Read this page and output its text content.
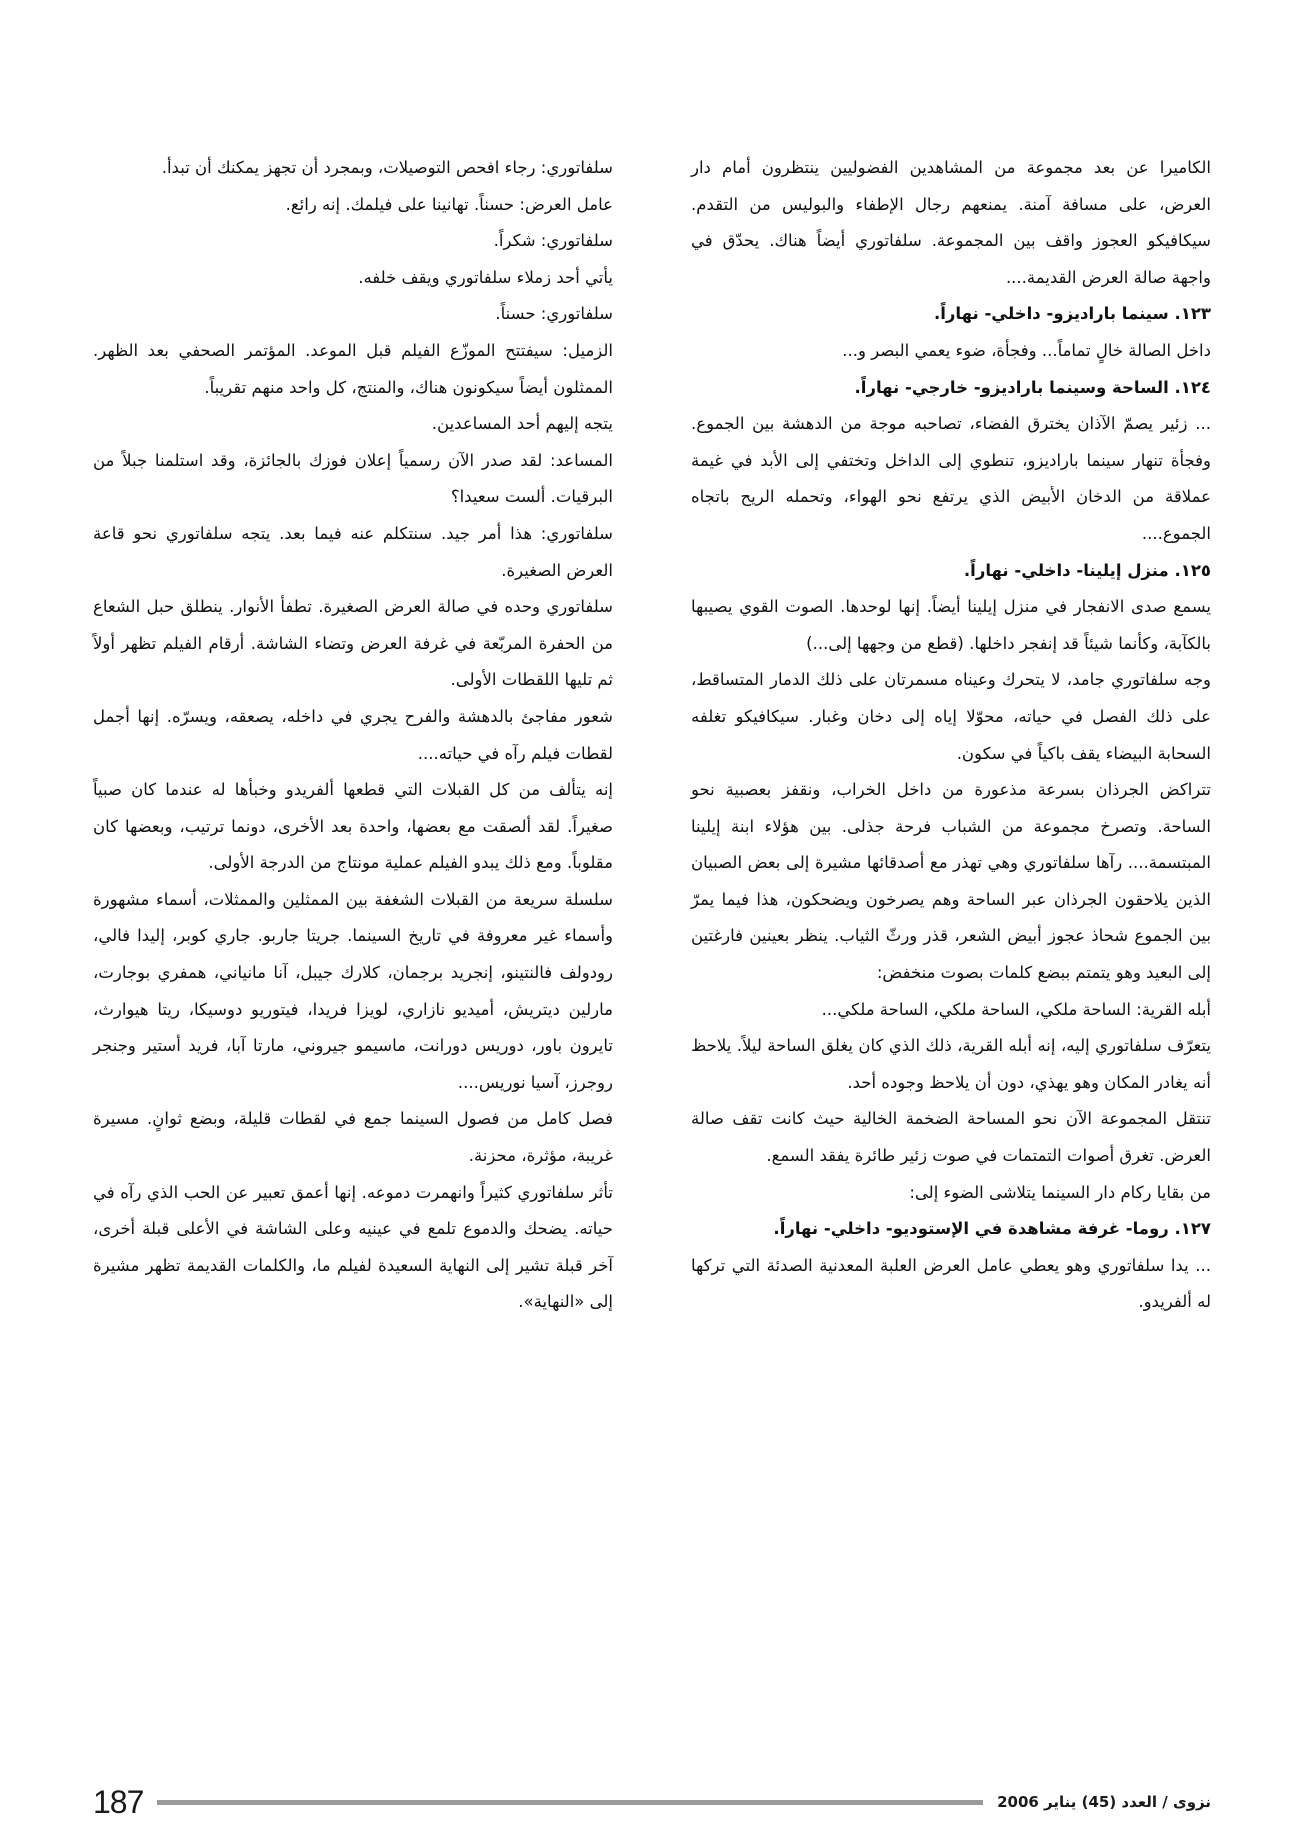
الكاميرا عن بعد مجموعة من المشاهدين الفضوليين ينتظرون أمام دار العرض، على مسافة آمنة. يمنعهم رجال الإطفاء والبوليس من التقدم. سيكافيكو العجوز واقف بين المجموعة. سلفاتوري أيضاً هناك. يحدّق في واجهة صالة العرض القديمة....

١٢٣. سينما باراديزو- داخلي- نهاراً.

داخل الصالة خالٍ تماماً... وفجأة، ضوء يعمي البصر و...

١٢٤. الساحة وسينما باراديزو- خارجي- نهاراً.

... زئير يصمّ الآذان يخترق الفضاء، تصاحبه موجة من الدهشة بين الجموع. وفجأة تنهار سينما باراديزو، تنطوي إلى الداخل وتختفي إلى الأبد في غيمة عملاقة من الدخان الأبيض الذي يرتفع نحو الهواء، وتحمله الريح باتجاه الجموع....

١٢٥. منزل إيلينا- داخلي- نهاراً.

يسمع صدى الانفجار في منزل إيلينا أيضاً. إنها لوحدها. الصوت القوي يصيبها بالكآبة، وكأنما شيئاً قد إنفجر داخلها. (قطع من وجهها إلى...)

وجه سلفاتوري جامد، لا يتحرك وعيناه مسمرتان على ذلك الدمار المتساقط، على ذلك الفصل في حياته، محوّلا إياه إلى دخان وغبار. سيكافيكو تغلفه السحابة البيضاء يقف باكياً في سكون.

تتراكض الجرذان بسرعة مذعورة من داخل الخراب، ونقفز بعصبية نحو الساحة. وتصرخ مجموعة من الشباب فرحة جذلى. بين هؤلاء ابنة إيلينا المبتسمة.... رآها سلفاتوري وهي تهذر مع أصدقائها مشيرة إلى بعض الصبيان الذين يلاحقون الجرذان عبر الساحة وهم يصرخون ويضحكون، هذا فيما يمرّ بين الجموع شحاذ عجوز أبيض الشعر، قذر ورثّ الثياب. ينظر بعينين فارغتين إلى البعيد وهو يتمتم ببضع كلمات بصوت منخفض:

أبله القرية: الساحة ملكي، الساحة ملكي، الساحة ملكي...

يتعرّف سلفاتوري إليه، إنه أبله القرية، ذلك الذي كان يغلق الساحة ليلاً. يلاحظ أنه يغادر المكان وهو يهذي، دون أن يلاحظ وجوده أحد.

تنتقل المجموعة الآن نحو المساحة الضخمة الخالية حيث كانت تقف صالة العرض. تغرق أصوات التمتمات في صوت زئير طائرة يفقد السمع.

من بقايا ركام دار السينما يتلاشى الضوء إلى:

١٢٧. روما- غرفة مشاهدة في الإستوديو- داخلي- نهاراً.

... يدا سلفاتوري وهو يعطي عامل العرض العلبة المعدنية الصدئة التي تركها له ألفريدو.

سلفاتوري: رجاء افحص التوصيلات، وبمجرد أن تجهز يمكنك أن تبدأ.

عامل العرض: حسناً. تهانينا على فيلمك. إنه رائع.

سلفاتوري: شكراً.

يأتي أحد زملاء سلفاتوري ويقف خلفه.

سلفاتوري: حسناً.

الزميل: سيفتتح الموزّع الفيلم قبل الموعد. المؤتمر الصحفي بعد الظهر. الممثلون أيضاً سيكونون هناك، والمنتج، كل واحد منهم تقريباً.

يتجه إليهم أحد المساعدين.

المساعد: لقد صدر الآن رسمياً إعلان فوزك بالجائزة، وقد استلمنا جبلاً من البرقيات. ألست سعيدا؟

سلفاتوري: هذا أمر جيد. سنتكلم عنه فيما بعد. يتجه سلفاتوري نحو قاعة العرض الصغيرة.

سلفاتوري وحده في صالة العرض الصغيرة. تطفأ الأنوار. ينطلق حبل الشعاع من الحفرة المربّعة في غرفة العرض وتضاء الشاشة. أرقام الفيلم تظهر أولاً ثم تليها اللقطات الأولى.

شعور مفاجئ بالدهشة والفرح يجري في داخله، يصعقه، ويسرّه. إنها أجمل لقطات فيلم رآه في حياته....

إنه يتألف من كل القبلات التي قطعها ألفريدو وخبأها له عندما كان صبياً صغيراً. لقد ألصقت مع بعضها، واحدة بعد الأخرى، دونما ترتيب، وبعضها كان مقلوباً. ومع ذلك يبدو الفيلم عملية مونتاج من الدرجة الأولى.

سلسلة سريعة من القبلات الشغفة بين الممثلين والممثلات، أسماء مشهورة وأسماء غير معروفة في تاريخ السينما. جريتا جاربو. جاري كوبر، إليدا فالي، رودولف فالنتينو، إنجريد برجمان، كلارك جيبل، آنا مانياني، همفري بوجارت، مارلين ديتريش، أميديو نازاري، لويزا فريدا، فيتوريو دوسيكا، ريتا هيوارث، تايرون باور، دوريس دورانت، ماسيمو جيروني، مارتا آبا، فريد أستير وجنجر روجرز، آسيا نوريس....

فصل كامل من فصول السينما جمع في لقطات قليلة، وبضع ثوانٍ. مسيرة غريبة، مؤثرة، محزنة.

تأثر سلفاتوري كثيراً وانهمرت دموعه. إنها أعمق تعبير عن الحب الذي رآه في حياته. يضحك والدموع تلمع في عينيه وعلى الشاشة في الأعلى قبلة أخرى، آخر قبلة تشير إلى النهاية السعيدة لفيلم ما، والكلمات القديمة تظهر مشيرة إلى «النهاية».

187	نزوى / العدد (45) يناير 2006
